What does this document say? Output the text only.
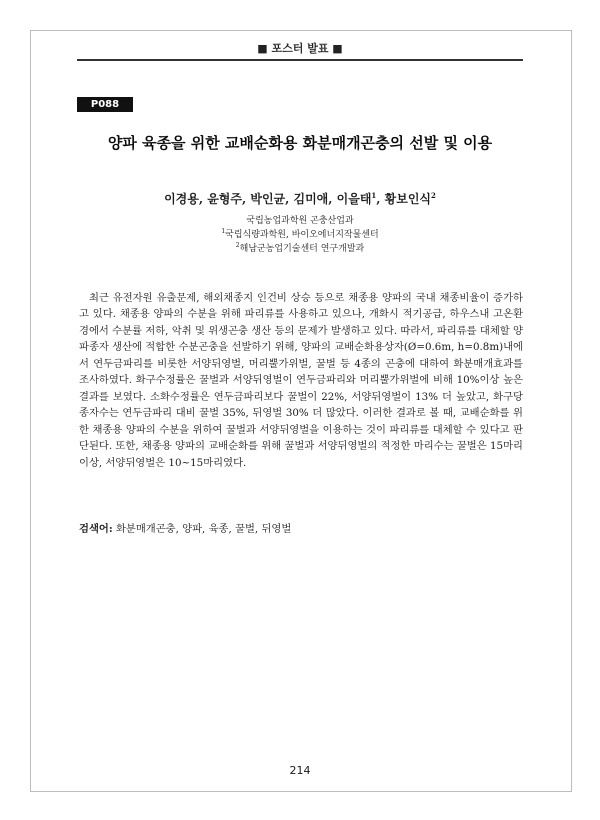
■ 포스터 발표 ■
P088
양파 육종을 위한 교배순화용 화분매개곤충의 선발 및 이용
이경용, 윤형주, 박인균, 김미애, 이을태$^1$, 황보인식$^2$
국립농업과학원 곤충산업과
$^1$국립식량과학원, 바이오에너지작물센터
$^2$해남군농업기술센터 연구개발과

최근 유전자원 유출문제, 해외채종지 인건비 상승 등으로 채종용 양파의 국내 채종비율이 증가하고 있다. 채종용 양파의 수분을 위해 파리류를 사용하고 있으나, 개화시 적기공급, 하우스내 고온환경에서 수분률 저하, 악취 및 위생곤충 생산 등의 문제가 발생하고 있다. 따라서, 파리류를 대체할 양파종자 생산에 적합한 수분곤충을 선발하기 위해, 양파의 교배순화용상자(Ø=0.6m, h=0.8m)내에서 연두금파리를 비롯한 서양뒤영벌, 머리뿔가위벌, 꿀벌 등 4종의 곤충에 대하여 화분매개효과를 조사하였다. 화구수정률은 꿀벌과 서양뒤영벌이 연두금파리와 머리뿔가위벌에 비해 10%이상 높은 결과를 보였다. 소화수정률은 연두금파리보다 꿀벌이 22%, 서양뒤영벌이 13% 더 높았고, 화구당 종자수는 연두금파리 대비 꿀벌 35%, 뒤영벌 30% 더 많았다. 이러한 결과로 볼 때, 교배순화를 위한 채종용 양파의 수분을 위하여 꿀벌과 서양뒤영벌을 이용하는 것이 파리류를 대체할 수 있다고 판단된다. 또한, 채종용 양파의 교배순화를 위해 꿀벌과 서양뒤영벌의 적정한 마리수는 꿀벌은 15마리 이상, 서양뒤영벌은 10~15마리였다.

검색어: 화분매개곤충, 양파, 육종, 꿀벌, 뒤영벌
214
